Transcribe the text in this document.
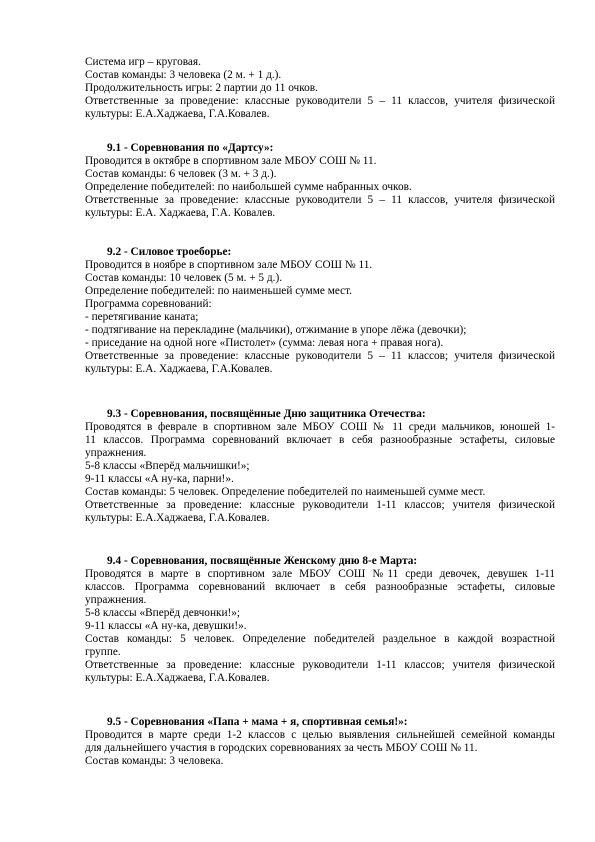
Система игр – круговая.

Состав команды: 3 человека (2 м. + 1 д.).

Продолжительность игры: 2 партии до 11 очков.

Ответственные за проведение: классные руководители 5 – 11 классов, учителя физической

культуры: Е.А.Хаджаева, Г.А.Ковалев.

9.1 - Соревнования по «Дартсу»:

Проводится в октябре в спортивном зале МБОУ СОШ № 11.

Состав команды: 6 человек (3 м. + 3 д.).

Определение победителей: по наибольшей сумме набранных очков.

Ответственные за проведение: классные руководители 5 – 11 классов, учителя физической

культуры: Е.А. Хаджаева, Г.А. Ковалев.

9.2 - Силовое троеборье:

Проводится в ноябре в спортивном зале МБОУ СОШ № 11.

Состав команды: 10 человек (5 м. + 5 д.).

Определение победителей: по наименьшей сумме мест.

Программа соревнований:

- перетягивание каната;

- подтягивание на перекладине (мальчики), отжимание в упоре лёжа (девочки);

- приседание на одной ноге «Пистолет» (сумма: левая нога + правая нога).

Ответственные за проведение: классные руководители 5 – 11 классов; учителя физической

культуры: Е.А. Хаджаева, Г.А.Ковалев.

9.3 - Соревнования, посвящённые Дню защитника Отечества:

Проводятся в феврале в спортивном зале МБОУ СОШ № 11 среди мальчиков, юношей 1-

11 классов. Программа соревнований включает в себя разнообразные эстафеты, силовые

упражнения.

5-8 классы «Вперёд мальчишки!»;

9-11 классы «А ну-ка, парни!».

Состав команды: 5 человек. Определение победителей по наименьшей сумме мест.

Ответственные за проведение: классные руководители 1-11 классов; учителя физической

культуры: Е.А.Хаджаева, Г.А.Ковалев.

9.4 - Соревнования, посвящённые Женскому дню 8-е Марта:

Проводятся в марте в спортивном зале МБОУ СОШ №11 среди девочек, девушек 1-11

классов. Программа соревнований включает в себя разнообразные эстафеты, силовые

упражнения.

5-8 классы «Вперёд девчонки!»;

9-11 классы «А ну-ка, девушки!».

Состав команды: 5 человек. Определение победителей раздельное в каждой возрастной

группе.

Ответственные за проведение: классные руководители 1-11 классов; учителя физической

культуры: Е.А.Хаджаева, Г.А.Ковалев.

9.5 - Соревнования «Папа + мама + я, спортивная семья!»:

Проводится в марте среди 1-2 классов с целью выявления сильнейшей семейной команды

для дальнейшего участия в городских соревнованиях за честь МБОУ СОШ № 11.

Состав команды: 3 человека.
